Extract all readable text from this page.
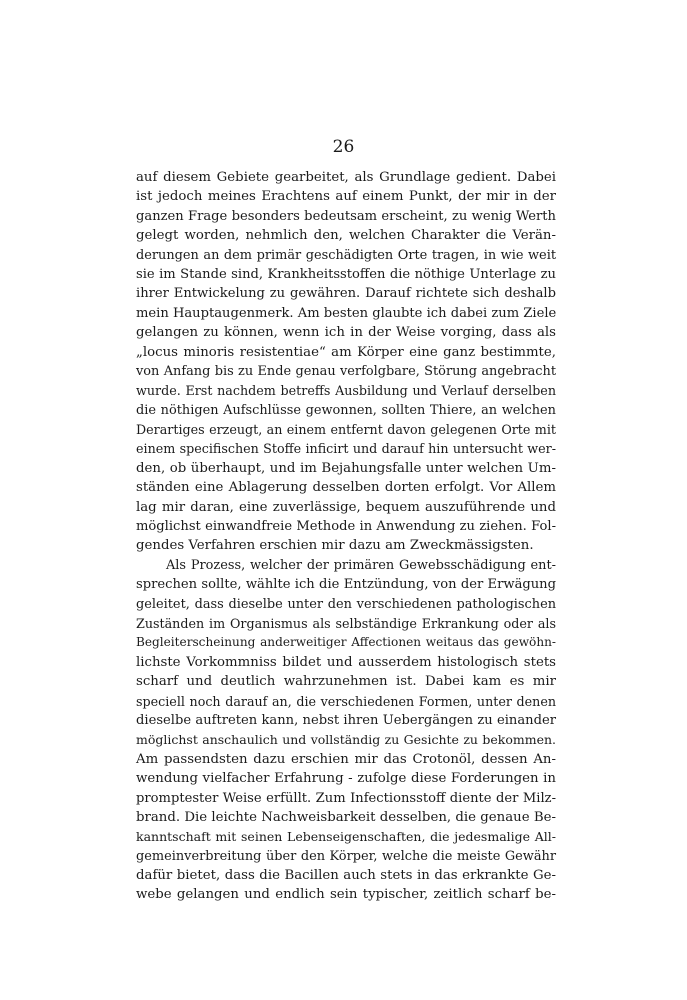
26
auf diesem Gebiete gearbeitet, als Grundlage gedient. Dabei
ist jedoch meines Erachtens auf einem Punkt, der mir in der
ganzen Frage besonders bedeutsam erscheint, zu wenig Werth
gelegt worden, nehmlich den, welchen Charakter die Verän-
derungen an dem primär geschädigten Orte tragen, in wie weit
sie im Stande sind, Krankheitsstoffen die nöthige Unterlage zu
ihrer Entwickelung zu gewähren. Darauf richtete sich deshalb
mein Hauptaugenmerk. Am besten glaubte ich dabei zum Ziele
gelangen zu können, wenn ich in der Weise vorging, dass als
„locus minoris resistentiae“ am Körper eine ganz bestimmte,
von Anfang bis zu Ende genau verfolgbare, Störung angebracht
wurde. Erst nachdem betreffs Ausbildung und Verlauf derselben
die nöthigen Aufschlüsse gewonnen, sollten Thiere, an welchen
Derartiges erzeugt, an einem entfernt davon gelegenen Orte mit
einem specifischen Stoffe inficirt und darauf hin untersucht wer-
den, ob überhaupt, und im Bejahungsfalle unter welchen Um-
ständen eine Ablagerung desselben dorten erfolgt. Vor Allem
lag mir daran, eine zuverlässige, bequem auszuführende und
möglichst einwandfreie Methode in Anwendung zu ziehen. Fol-
gendes Verfahren erschien mir dazu am Zweckmässigsten.
Als Prozess, welcher der primären Gewebsschädigung ent-
sprechen sollte, wählte ich die Entzündung, von der Erwägung
geleitet, dass dieselbe unter den verschiedenen pathologischen
Zuständen im Organismus als selbständige Erkrankung oder als
Begleiterscheinung anderweitiger Affectionen weitaus das gewöhn-
lichste Vorkommniss bildet und ausserdem histologisch stets
scharf und deutlich wahrzunehmen ist. Dabei kam es mir
speciell noch darauf an, die verschiedenen Formen, unter denen
dieselbe auftreten kann, nebst ihren Uebergängen zu einander
möglichst anschaulich und vollständig zu Gesichte zu bekommen.
Am passendsten dazu erschien mir das Crotonöl, dessen An-
wendung vielfacher Erfahrung - zufolge diese Forderungen in
promptester Weise erfüllt. Zum Infectionsstoff diente der Milz-
brand. Die leichte Nachweisbarkeit desselben, die genaue Be-
kanntschaft mit seinen Lebenseigenschaften, die jedesmalige All-
gemeinverbreitung über den Körper, welche die meiste Gewähr
dafür bietet, dass die Bacillen auch stets in das erkrankte Ge-
webe gelangen und endlich sein typischer, zeitlich scharf be-
